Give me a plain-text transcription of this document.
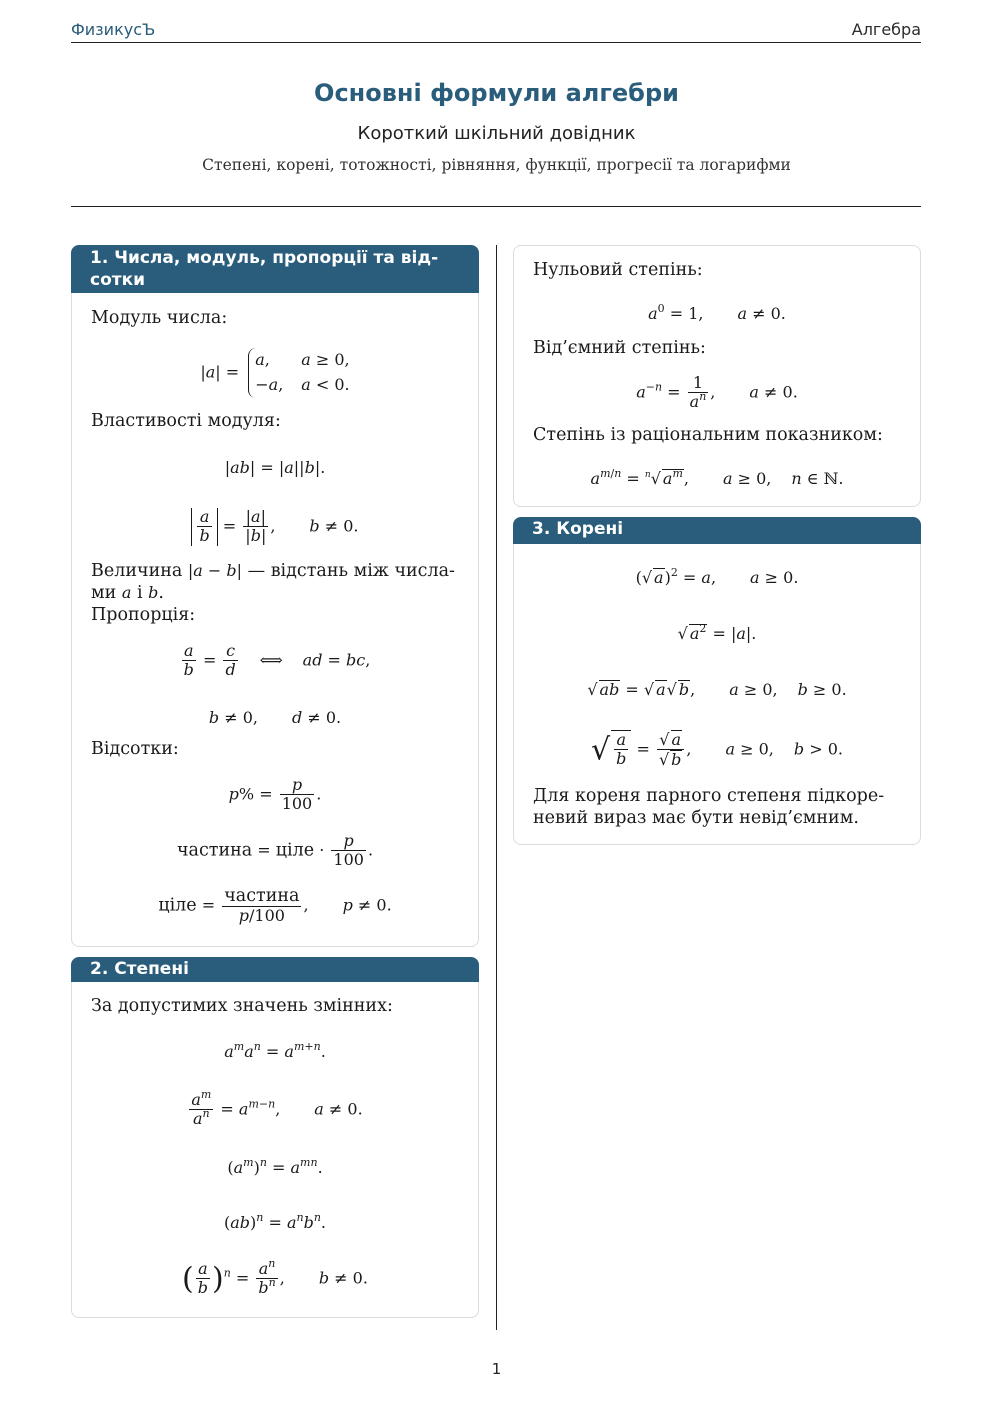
ФизикусЪ	Алгебра
Основні формули алгебри
Короткий шкільний довідник
Степені, корені, тотожності, рівняння, функції, прогресії та логарифми
1. Числа, модуль, пропорції та від-
сотки
Модуль числа:
|a| =
a, a ≥ 0,
−a, a < 0.
Властивості модуля:
|ab| = |a||b|.
$\frac{a}{b} = \frac{|a|}{|b|}$ , b ≠ 0.
Величина |a − b| — відстань між числа-
ми a і b.
Пропорція:
$\frac{a}{b} = \frac{c}{d}$ ⟺ ad = bc,
b ≠ 0, d ≠ 0.
Відсотки:
$p\% = \frac{p}{100}$ .
частина = ціле · $\frac{p}{100}$ .
ціле = $\frac{\text{частина}}{p/100}$ , p ≠ 0.
2. Степені
За допустимих значень змінних:
$a^ma^n = a^{m+n}$.
$\frac{a^m}{a^n} = a^{m-n}$, a ≠ 0.
$(a^m)^n = a^{mn}$.
$(ab)^n = a^nb^n$.
( $\frac{a}{b} )^n = \frac{a^n}{b^n}$ , b ≠ 0.
Нульовий степінь:
$a^0 = 1$, a ≠ 0.
Від’ємний степінь:
$a^{-n} = \frac{1}{a^n}$ , a ≠ 0.
Степінь із раціональним показником:
$a^{m/n} = ^n√$ $a^m$, a ≥ 0, n ∈ ℕ.
3. Корені
(√ a)$^2$ = a, a ≥ 0.
√ $a^2 = |a|$.
√ ab = √ a√ b, a ≥ 0, b ≥ 0.
√ $\frac{a}{b} = \frac{√ a}{√ b}$ , a ≥ 0, b > 0.
Для кореня парного степеня підкоре-
невий вираз має бути невід’ємним.
1
